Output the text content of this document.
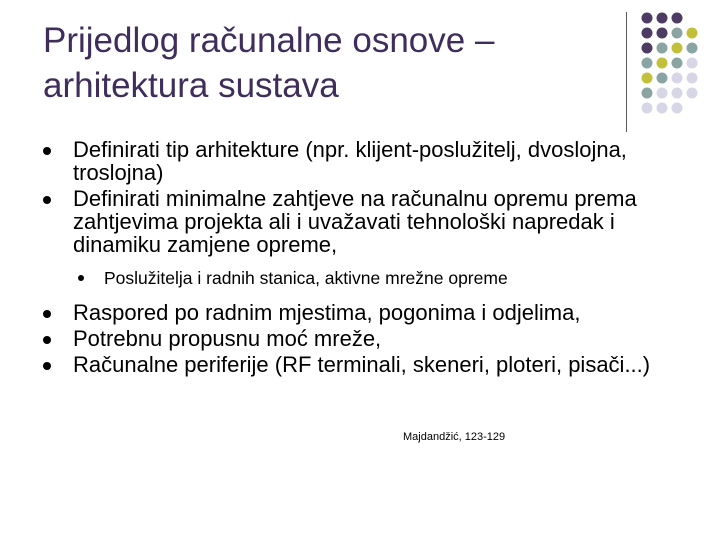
Prijedlog računalne osnove –
arhitektura sustava
Definirati tip arhitekture (npr. klijent-poslužitelj, dvoslojna, troslojna)
Definirati minimalne zahtjeve na računalnu opremu prema zahtjevima projekta ali i uvažavati tehnološki napredak i dinamiku zamjene opreme,
Poslužitelja i radnih stanica, aktivne mrežne opreme
Raspored po radnim mjestima, pogonima i odjelima,
Potrebnu propusnu moć mreže,
Računalne periferije (RF terminali, skeneri, ploteri, pisači...)
Majdandžić, 123-129
